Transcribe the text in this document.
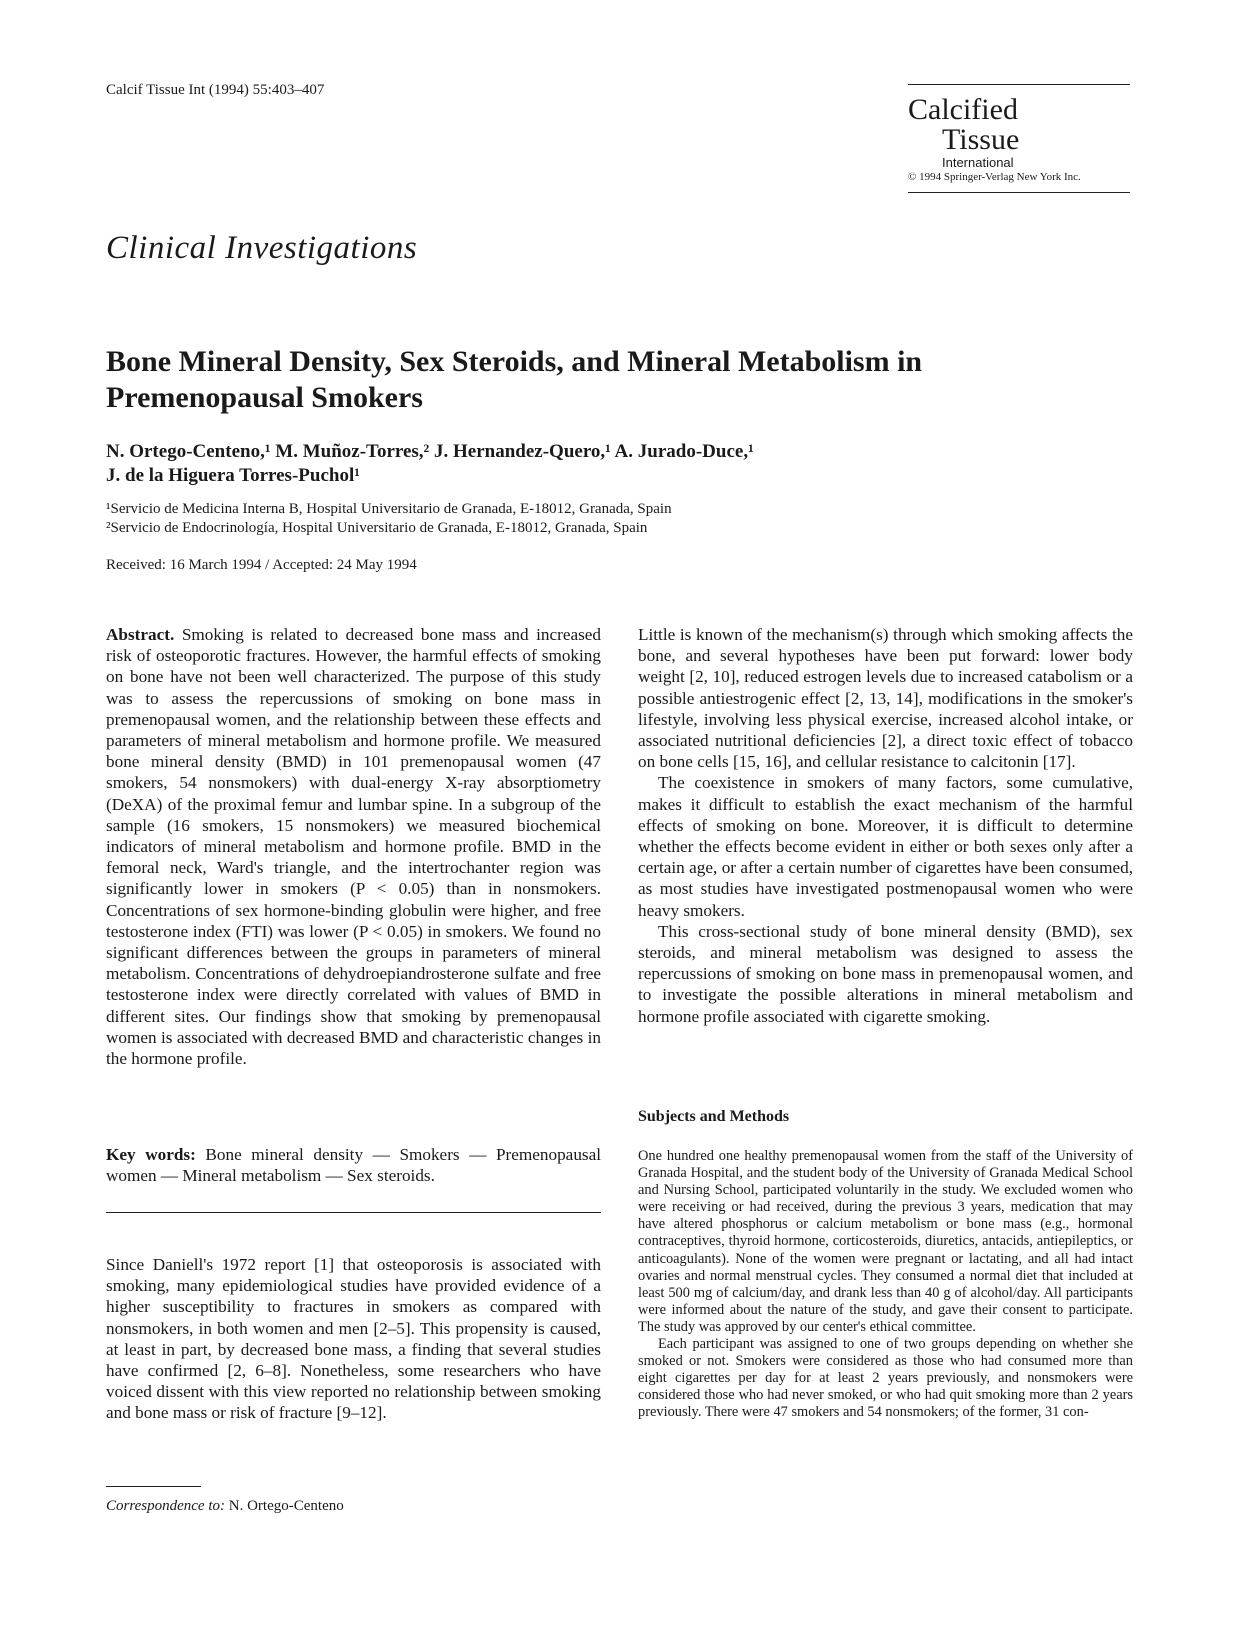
Calcif Tissue Int (1994) 55:403–407
Calcified
Tissue
International
© 1994 Springer-Verlag New York Inc.
Clinical Investigations
Bone Mineral Density, Sex Steroids, and Mineral Metabolism in Premenopausal Smokers
N. Ortego-Centeno,¹ M. Muñoz-Torres,² J. Hernandez-Quero,¹ A. Jurado-Duce,¹
J. de la Higuera Torres-Puchol¹
¹Servicio de Medicina Interna B, Hospital Universitario de Granada, E-18012, Granada, Spain
²Servicio de Endocrinología, Hospital Universitario de Granada, E-18012, Granada, Spain
Received: 16 March 1994 / Accepted: 24 May 1994

Abstract. Smoking is related to decreased bone mass and increased risk of osteoporotic fractures. However, the harmful effects of smoking on bone have not been well characterized. The purpose of this study was to assess the repercussions of smoking on bone mass in premenopausal women, and the relationship between these effects and parameters of mineral metabolism and hormone profile. We measured bone mineral density (BMD) in 101 premenopausal women (47 smokers, 54 nonsmokers) with dual-energy X-ray absorptiometry (DeXA) of the proximal femur and lumbar spine. In a subgroup of the sample (16 smokers, 15 nonsmokers) we measured biochemical indicators of mineral metabolism and hormone profile. BMD in the femoral neck, Ward's triangle, and the intertrochanter region was significantly lower in smokers (P < 0.05) than in nonsmokers. Concentrations of sex hormone-binding globulin were higher, and free testosterone index (FTI) was lower (P < 0.05) in smokers. We found no significant differences between the groups in parameters of mineral metabolism. Concentrations of dehydroepiandrosterone sulfate and free testosterone index were directly correlated with values of BMD in different sites. Our findings show that smoking by premenopausal women is associated with decreased BMD and characteristic changes in the hormone profile.

Key words: Bone mineral density — Smokers — Premenopausal women — Mineral metabolism — Sex steroids.

Since Daniell's 1972 report [1] that osteoporosis is associated with smoking, many epidemiological studies have provided evidence of a higher susceptibility to fractures in smokers as compared with nonsmokers, in both women and men [2–5]. This propensity is caused, at least in part, by decreased bone mass, a finding that several studies have confirmed [2, 6–8]. Nonetheless, some researchers who have voiced dissent with this view reported no relationship between smoking and bone mass or risk of fracture [9–12].

Correspondence to: N. Ortego-Centeno

Little is known of the mechanism(s) through which smoking affects the bone, and several hypotheses have been put forward: lower body weight [2, 10], reduced estrogen levels due to increased catabolism or a possible antiestrogenic effect [2, 13, 14], modifications in the smoker's lifestyle, involving less physical exercise, increased alcohol intake, or associated nutritional deficiencies [2], a direct toxic effect of tobacco on bone cells [15, 16], and cellular resistance to calcitonin [17].

The coexistence in smokers of many factors, some cumulative, makes it difficult to establish the exact mechanism of the harmful effects of smoking on bone. Moreover, it is difficult to determine whether the effects become evident in either or both sexes only after a certain age, or after a certain number of cigarettes have been consumed, as most studies have investigated postmenopausal women who were heavy smokers.

This cross-sectional study of bone mineral density (BMD), sex steroids, and mineral metabolism was designed to assess the repercussions of smoking on bone mass in premenopausal women, and to investigate the possible alterations in mineral metabolism and hormone profile associated with cigarette smoking.

Subjects and Methods

One hundred one healthy premenopausal women from the staff of the University of Granada Hospital, and the student body of the University of Granada Medical School and Nursing School, participated voluntarily in the study. We excluded women who were receiving or had received, during the previous 3 years, medication that may have altered phosphorus or calcium metabolism or bone mass (e.g., hormonal contraceptives, thyroid hormone, corticosteroids, diuretics, antacids, antiepileptics, or anticoagulants). None of the women were pregnant or lactating, and all had intact ovaries and normal menstrual cycles. They consumed a normal diet that included at least 500 mg of calcium/day, and drank less than 40 g of alcohol/day. All participants were informed about the nature of the study, and gave their consent to participate. The study was approved by our center's ethical committee.

Each participant was assigned to one of two groups depending on whether she smoked or not. Smokers were considered as those who had consumed more than eight cigarettes per day for at least 2 years previously, and nonsmokers were considered those who had never smoked, or who had quit smoking more than 2 years previously. There were 47 smokers and 54 nonsmokers; of the former, 31 con-
